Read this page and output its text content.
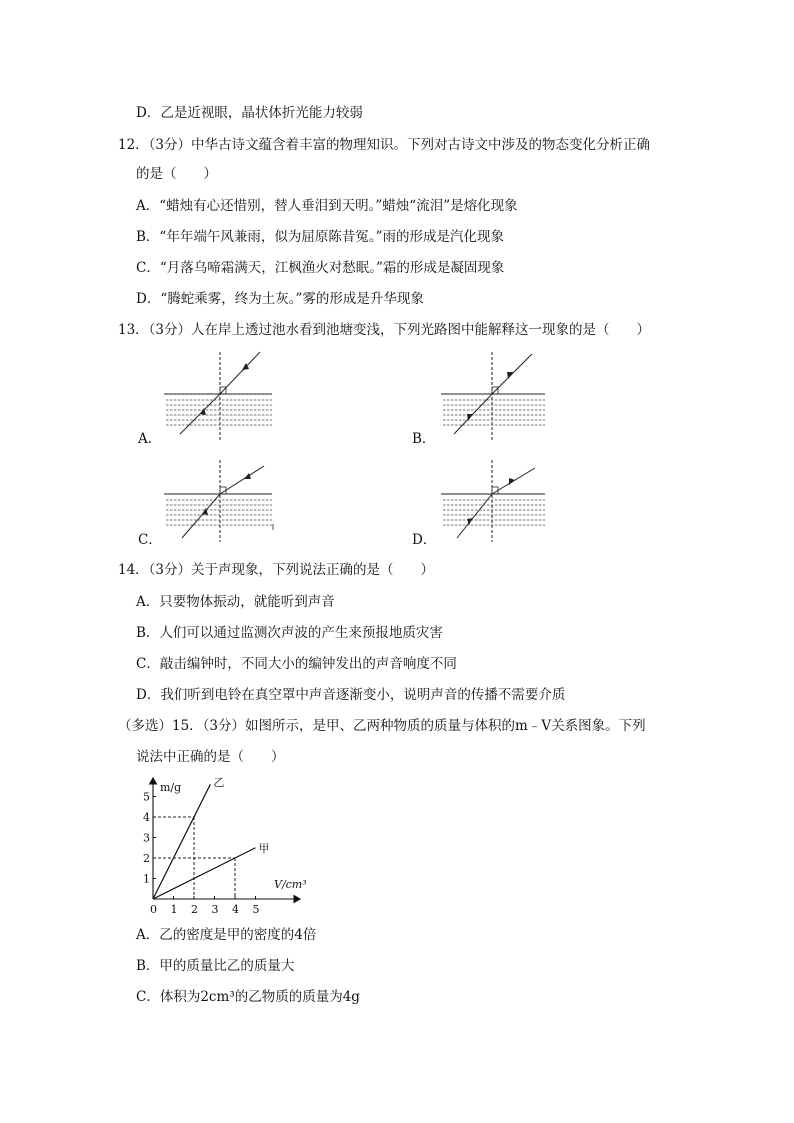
D．乙是近视眼，晶状体折光能力较弱
12．（3分）中华古诗文蕴含着丰富的物理知识。下列对古诗文中涉及的物态变化分析正确
的是（　　）
A．“蜡烛有心还惜别，替人垂泪到天明。”蜡烛“流泪”是熔化现象
B．“年年端午风兼雨，似为屈原陈昔冤。”雨的形成是汽化现象
C．“月落乌啼霜满天，江枫渔火对愁眠。”霜的形成是凝固现象
D．“腾蛇乘雾，终为土灰。”雾的形成是升华现象
13．（3分）人在岸上透过池水看到池塘变浅，下列光路图中能解释这一现象的是（　　）
A．	B．
C．	D．
14．（3分）关于声现象，下列说法正确的是（　　）
A．只要物体振动，就能听到声音
B．人们可以通过监测次声波的产生来预报地质灾害
C．敲击编钟时，不同大小的编钟发出的声音响度不同
D．我们听到电铃在真空罩中声音逐渐变小，说明声音的传播不需要介质
（多选）15．（3分）如图所示，是甲、乙两种物质的质量与体积的m﹣V关系图象。下列
说法中正确的是（　　）
乙
甲
m/g
V/cm³
0 1 2 3 4 5
1
2
3
4
5
A．乙的密度是甲的密度的4倍
B．甲的质量比乙的质量大
C．体积为2cm³的乙物质的质量为4g
